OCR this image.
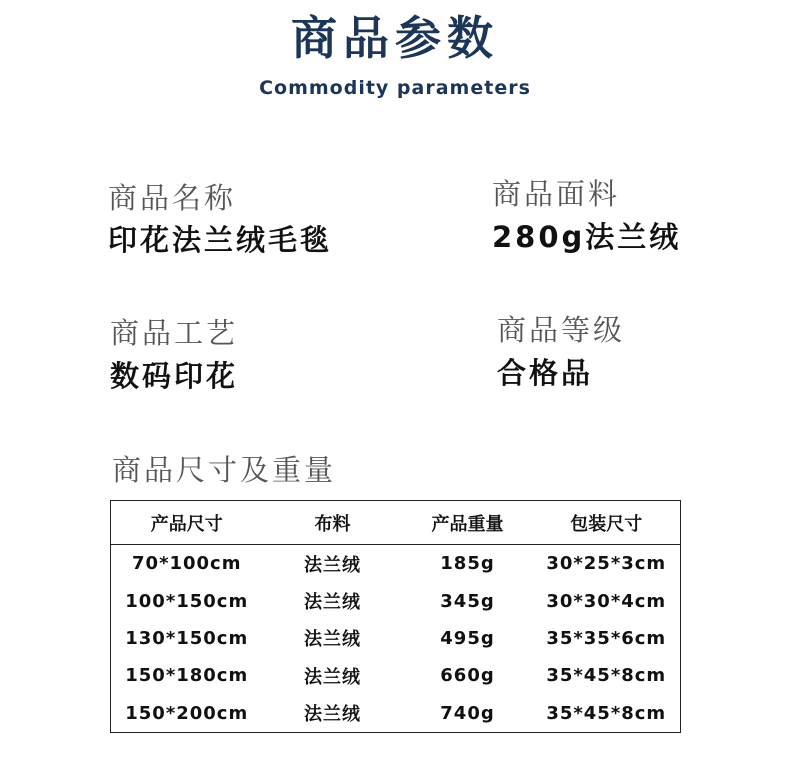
商品参数
Commodity parameters
商品名称
印花法兰绒毛毯
商品面料
280g法兰绒
商品工艺
数码印花
商品等级
合格品
商品尺寸及重量
产品尺寸	布料	产品重量	包装尺寸
70*100cm	法兰绒	185g	30*25*3cm
100*150cm	法兰绒	345g	30*30*4cm
130*150cm	法兰绒	495g	35*35*6cm
150*180cm	法兰绒	660g	35*45*8cm
150*200cm	法兰绒	740g	35*45*8cm
